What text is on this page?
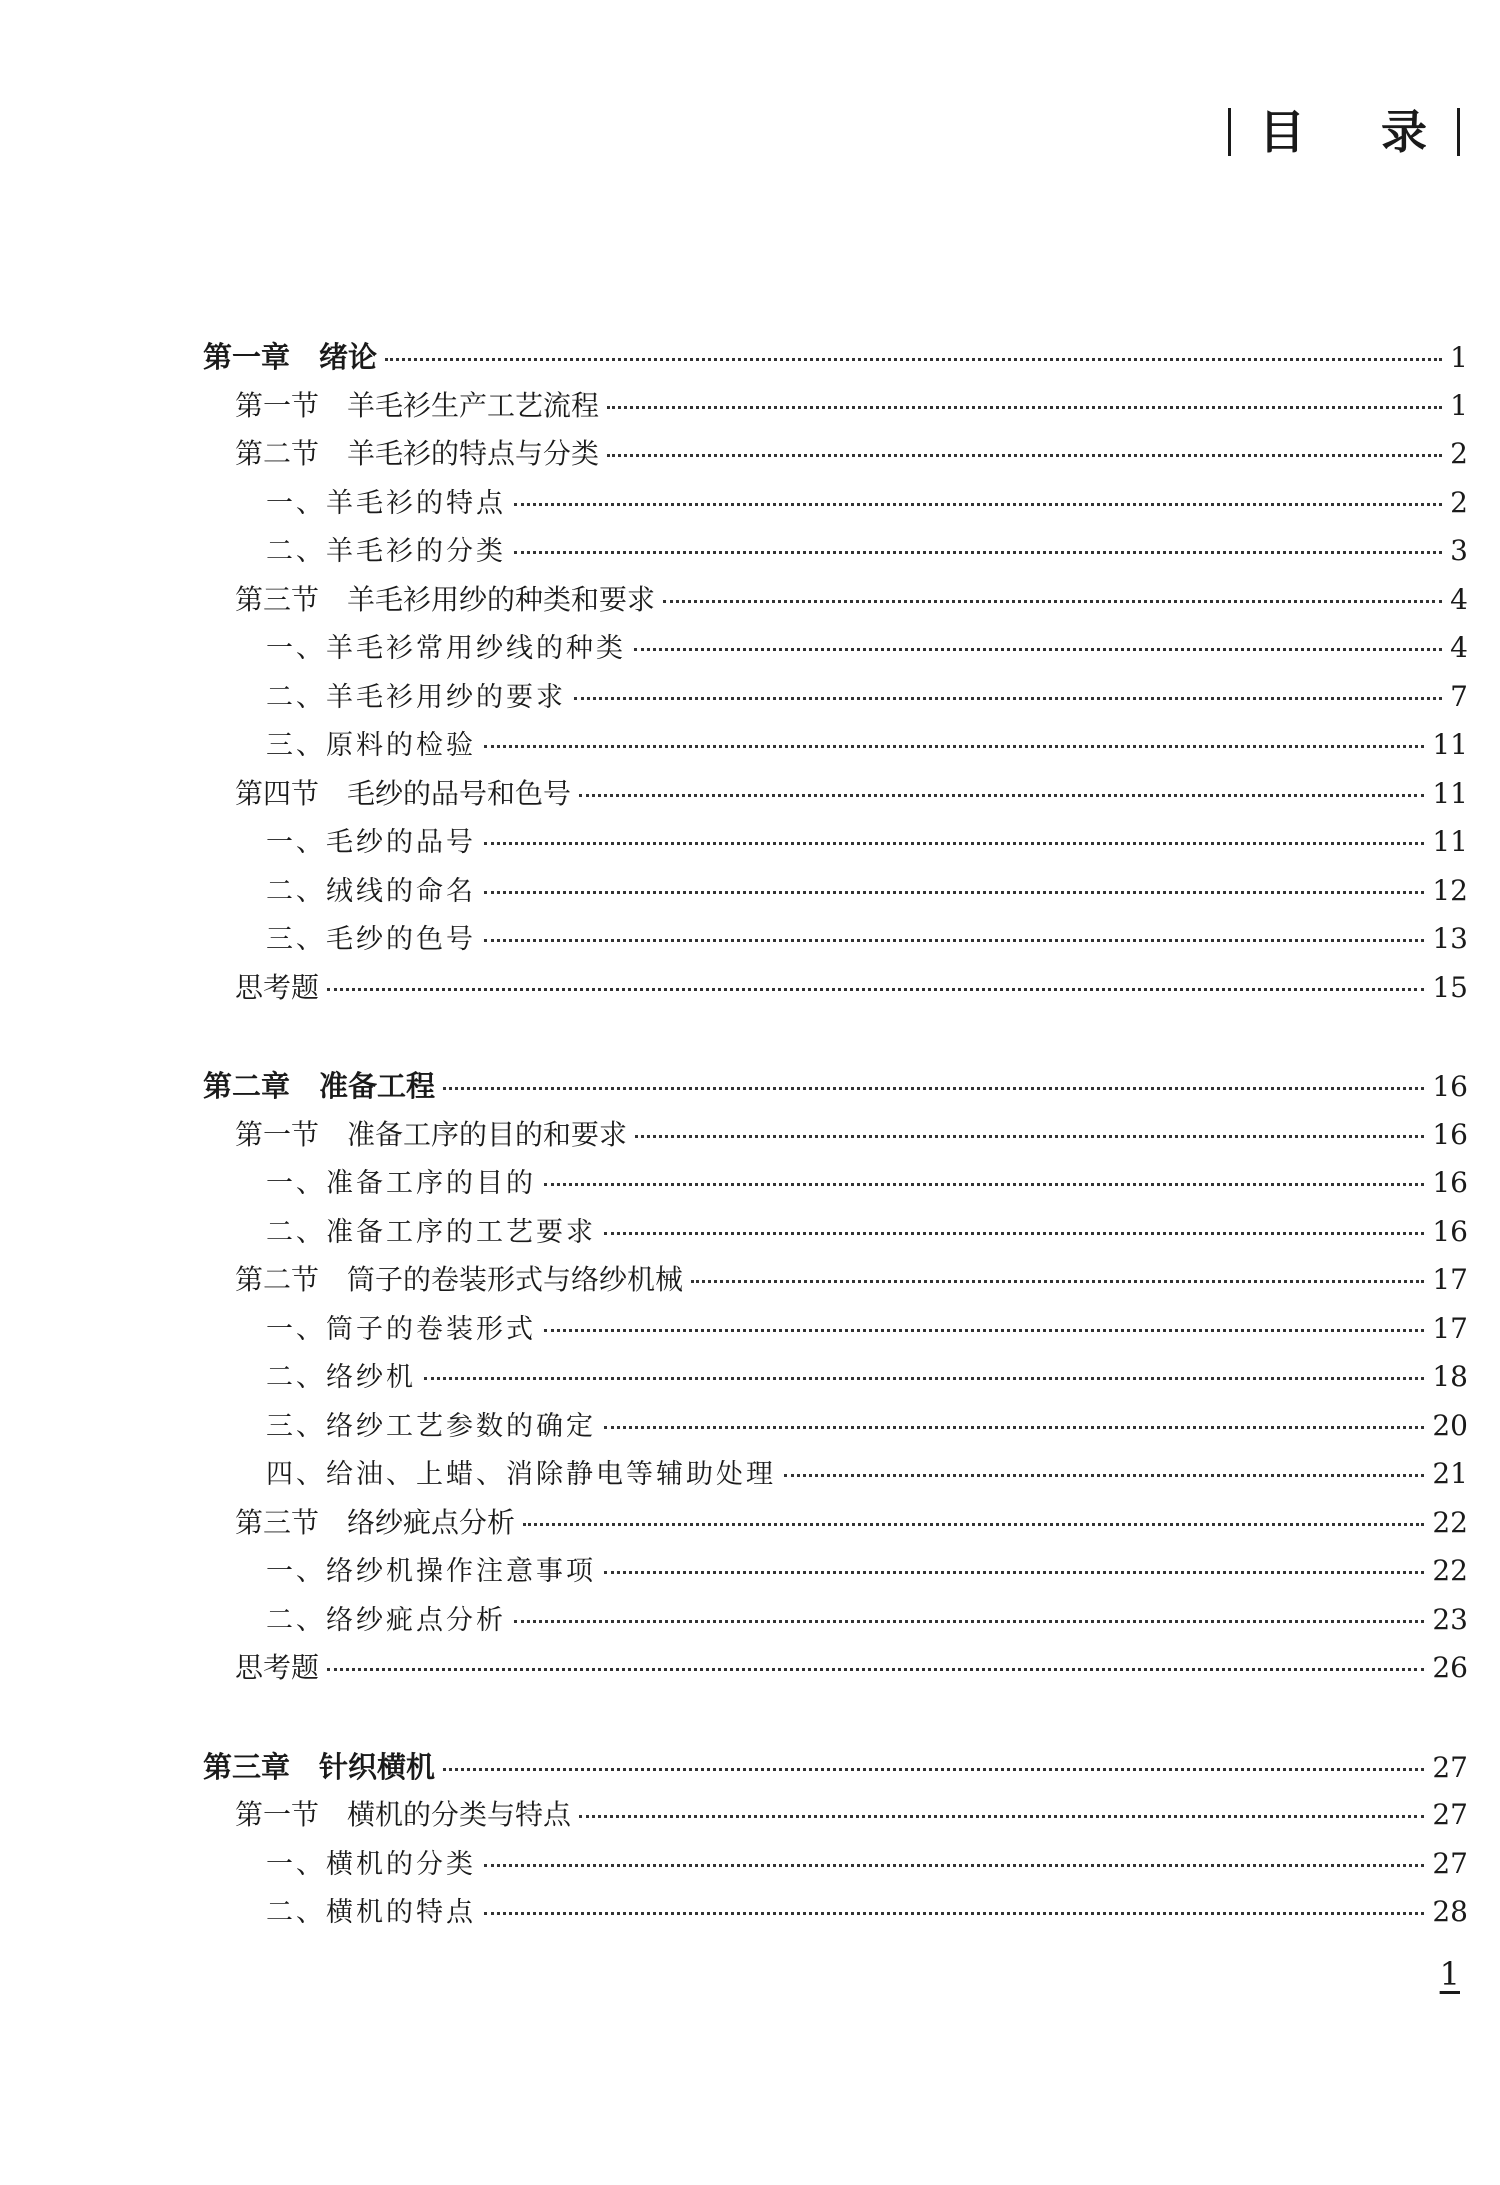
目 录
第一章　绪论	1
第一节　羊毛衫生产工艺流程	1
第二节　羊毛衫的特点与分类	2
一、羊毛衫的特点	2
二、羊毛衫的分类	3
第三节　羊毛衫用纱的种类和要求	4
一、羊毛衫常用纱线的种类	4
二、羊毛衫用纱的要求	7
三、原料的检验	11
第四节　毛纱的品号和色号	11
一、毛纱的品号	11
二、绒线的命名	12
三、毛纱的色号	13
思考题	15
第二章　准备工程	16
第一节　准备工序的目的和要求	16
一、准备工序的目的	16
二、准备工序的工艺要求	16
第二节　筒子的卷装形式与络纱机械	17
一、筒子的卷装形式	17
二、络纱机	18
三、络纱工艺参数的确定	20
四、给油、上蜡、消除静电等辅助处理	21
第三节　络纱疵点分析	22
一、络纱机操作注意事项	22
二、络纱疵点分析	23
思考题	26
第三章　针织横机	27
第一节　横机的分类与特点	27
一、横机的分类	27
二、横机的特点	28
1
